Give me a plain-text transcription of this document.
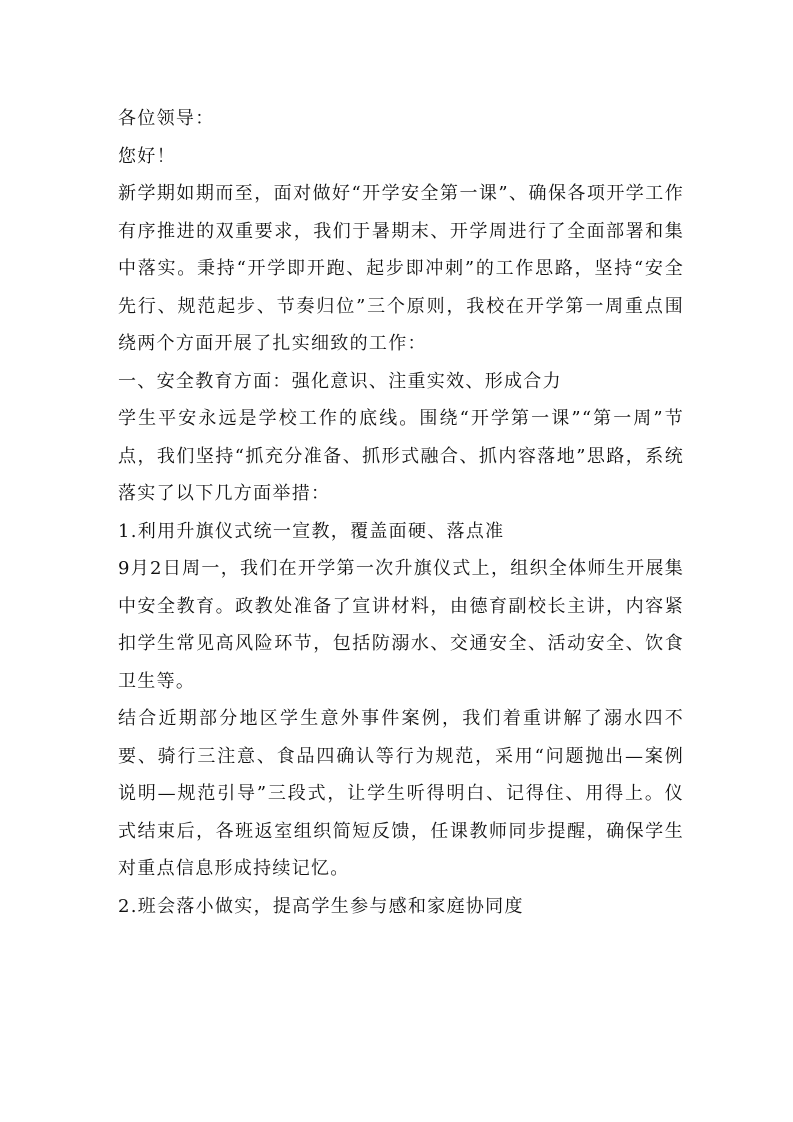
各位领导：

您好！

新学期如期而至，面对做好“开学安全第一课”、确保各项开学工作有序推进的双重要求，我们于暑期末、开学周进行了全面部署和集中落实。秉持“开学即开跑、起步即冲刺”的工作思路，坚持“安全先行、规范起步、节奏归位”三个原则，我校在开学第一周重点围绕两个方面开展了扎实细致的工作：

一、安全教育方面：强化意识、注重实效、形成合力

学生平安永远是学校工作的底线。围绕“开学第一课”“第一周”节点，我们坚持“抓充分准备、抓形式融合、抓内容落地”思路，系统落实了以下几方面举措：

1.利用升旗仪式统一宣教，覆盖面硬、落点准

9月2日周一，我们在开学第一次升旗仪式上，组织全体师生开展集中安全教育。政教处准备了宣讲材料，由德育副校长主讲，内容紧扣学生常见高风险环节，包括防溺水、交通安全、活动安全、饮食卫生等。

结合近期部分地区学生意外事件案例，我们着重讲解了溺水四不要、骑行三注意、食品四确认等行为规范，采用“问题抛出—案例说明—规范引导”三段式，让学生听得明白、记得住、用得上。仪式结束后，各班返室组织简短反馈，任课教师同步提醒，确保学生对重点信息形成持续记忆。

2.班会落小做实，提高学生参与感和家庭协同度
